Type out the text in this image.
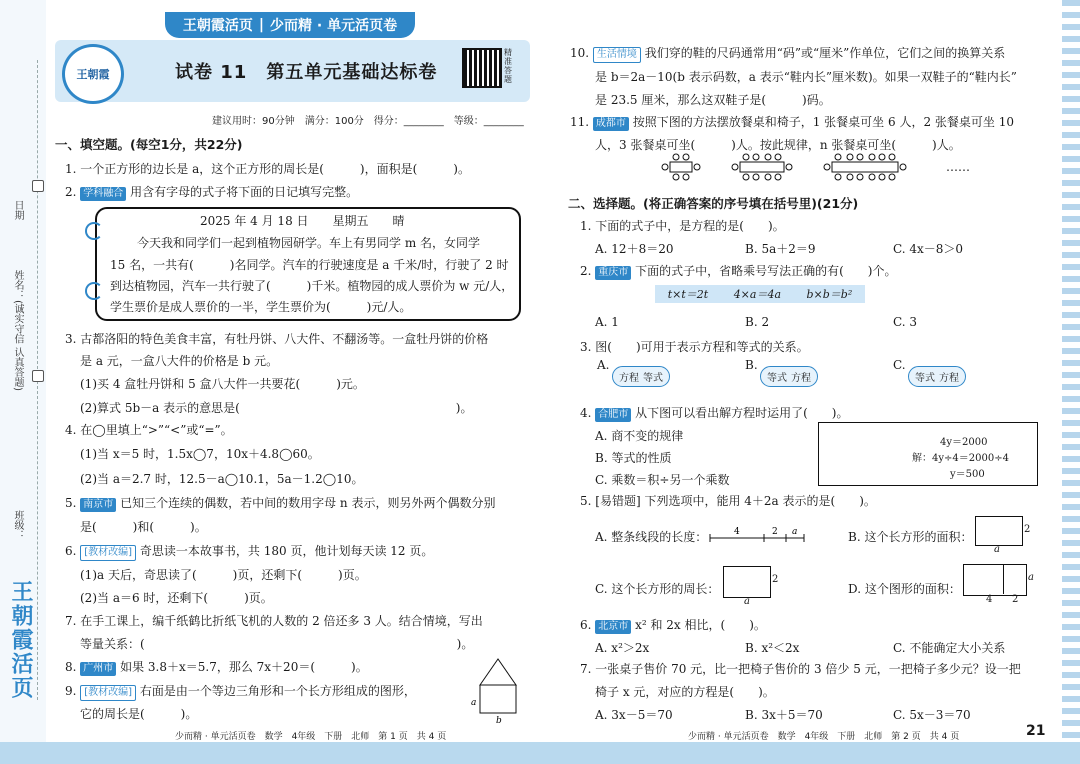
日期
姓名：(诚实守信 认真答题)
班级：
王朝霞活页
王朝霞活页 | 少而精 · 单元活页卷
王朝霞	试卷 11　第五单元基础达标卷
精准答题
建议用时：90分钟　满分：100分　得分：________　等级：________
一、填空题。(每空1分，共22分)
1. 一个正方形的边长是 a，这个正方形的周长是(　　　)，面积是(　　　)。
2. 学科融合 用含有字母的式子将下面的日记填写完整。
2025 年 4 月 18 日　　星期五　　晴
今天我和同学们一起到植物园研学。车上有男同学 m 名，女同学
15 名，一共有(　　　)名同学。汽车的行驶速度是 a 千米/时，行驶了 2 时
到达植物园，汽车一共行驶了(　　　)千米。植物园的成人票价为 w 元/人，
学生票价是成人票价的一半，学生票价为(　　　)元/人。
3. 古都洛阳的特色美食丰富，有牡丹饼、八大件、不翻汤等。一盒牡丹饼的价格
是 a 元，一盒八大件的价格是 b 元。
(1)买 4 盒牡丹饼和 5 盒八大件一共要花(　　　)元。
(2)算式 5b－a 表示的意思是(　　　　　　　　　　　　　　　　　　)。
4. 在◯里填上“>”“<”或“=”。
(1)当 x＝5 时，1.5x◯7，10x＋4.8◯60。
(2)当 a＝2.7 时，12.5－a◯10.1，5a－1.2◯10。
5. 南京市 已知三个连续的偶数，若中间的数用字母 n 表示，则另外两个偶数分别
是(　　　)和(　　　)。
6. [教材改编] 奇思读一本故事书，共 180 页，他计划每天读 12 页。
(1)a 天后，奇思读了(　　　)页，还剩下(　　　)页。
(2)当 a＝6 时，还剩下(　　　)页。
7. 在手工课上，编千纸鹤比折纸飞机的人数的 2 倍还多 3 人。结合情境，写出
等量关系：(　　　　　　　　　　　　　　　　　　　　　　　　　　)。
8. 广州市 如果 3.8＋x＝5.7，那么 7x＋20＝(　　　)。
9. [教材改编] 右面是由一个等边三角形和一个长方形组成的图形，
它的周长是(　　　)。
a
b
10. 生活情境 我们穿的鞋的尺码通常用“码”或“厘米”作单位，它们之间的换算关系
是 b＝2a－10(b 表示码数，a 表示“鞋内长”厘米数)。如果一双鞋子的“鞋内长”
是 23.5 厘米，那么这双鞋子是(　　　)码。
11. 成都市 按照下图的方法摆放餐桌和椅子，1 张餐桌可坐 6 人，2 张餐桌可坐 10
人，3 张餐桌可坐(　　　)人。按此规律，n 张餐桌可坐(　　　)人。
……
二、选择题。(将正确答案的序号填在括号里)(21分)
1. 下面的式子中，是方程的是(　　)。
A. 12＋8＝20	B. 5a＋2＝9	C. 4x－8＞0
2. 重庆市 下面的式子中，省略乘号写法正确的有(　　)个。
t×t＝2t 4×a＝4a b×b＝b²
A. 1	B. 2	C. 3
3. 图(　　)可用于表示方程和等式的关系。
A.
方程 等式
B.
等式 方程
C.
等式 方程
4. 合肥市 从下图可以看出解方程时运用了(　　)。
A. 商不变的规律
B. 等式的性质
C. 乘数＝积÷另一个乘数
4y＝2000
解：4y÷4＝2000÷4
y＝500
5. [易错题] 下列选项中，能用 4＋2a 表示的是(　　)。
A. 整条线段的长度：	4	2 a	B. 这个长方形的面积：
2
a
C. 这个长方形的周长：
2
a
D. 这个图形的面积：
a
4 2
6. 北京市 x² 和 2x 相比，(　　)。
A. x²＞2x	B. x²＜2x	C. 不能确定大小关系
7. 一张桌子售价 70 元，比一把椅子售价的 3 倍少 5 元，一把椅子多少元？设一把
椅子 x 元，对应的方程是(　　)。
A. 3x－5＝70	B. 3x＋5＝70	C. 5x－3＝70
少而精 · 单元活页卷　数学　4年级　下册　北师　第 1 页　共 4 页	少而精 · 单元活页卷　数学　4年级　下册　北师　第 2 页　共 4 页	21
